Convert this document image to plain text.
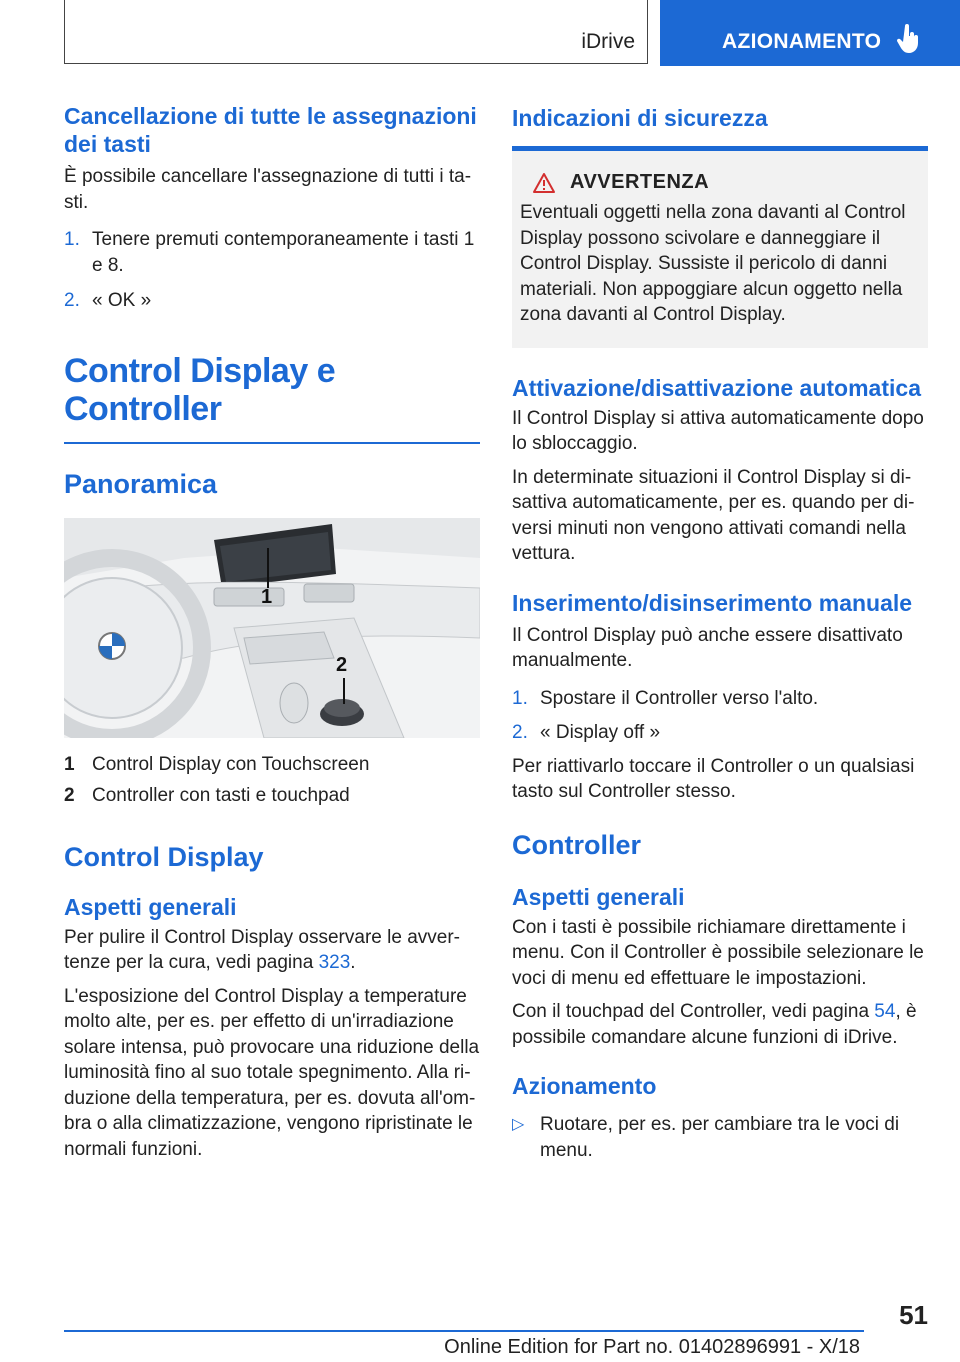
iDrive	AZIONAMENTO
Cancellazione di tutte le assegnazioni dei tasti

È possibile cancellare l'assegnazione di tutti i ta-sti.

1. Tenere premuti contemporaneamente i tasti 1 e 8.
2. « OK »
Control Display e Controller
Panoramica
1
2
1 Control Display con Touchscreen
2 Controller con tasti e touchpad
Control Display
Aspetti generali

Per pulire il Control Display osservare le avver-tenze per la cura, vedi pagina 323.

L'esposizione del Control Display a temperature molto alte, per es. per effetto di un'irradiazione solare intensa, può provocare una riduzione della luminosità fino al suo totale spegnimento. Alla ri-duzione della temperatura, per es. dovuta all'om-bra o alla climatizzazione, vengono ripristinate le normali funzioni.

Indicazioni di sicurezza
AVVERTENZA

Eventuali oggetti nella zona davanti al Control Display possono scivolare e danneggiare il Control Display. Sussiste il pericolo di danni materiali. Non appoggiare alcun oggetto nella zona davanti al Control Display.

Attivazione/disattivazione automatica

Il Control Display si attiva automaticamente dopo lo sbloccaggio.

In determinate situazioni il Control Display si di-sattiva automaticamente, per es. quando per di-versi minuti non vengono attivati comandi nella vettura.

Inserimento/disinserimento manuale

Il Control Display può anche essere disattivato manualmente.

1. Spostare il Controller verso l'alto.
2. « Display off »

Per riattivarlo toccare il Controller o un qualsiasi tasto sul Controller stesso.

Controller
Aspetti generali

Con i tasti è possibile richiamare direttamente i menu. Con il Controller è possibile selezionare le voci di menu ed effettuare le impostazioni.

Con il touchpad del Controller, vedi pagina 54, è possibile comandare alcune funzioni di iDrive.

Azionamento
▷ Ruotare, per es. per cambiare tra le voci di menu.
51
Online Edition for Part no. 01402896991 - X/18
